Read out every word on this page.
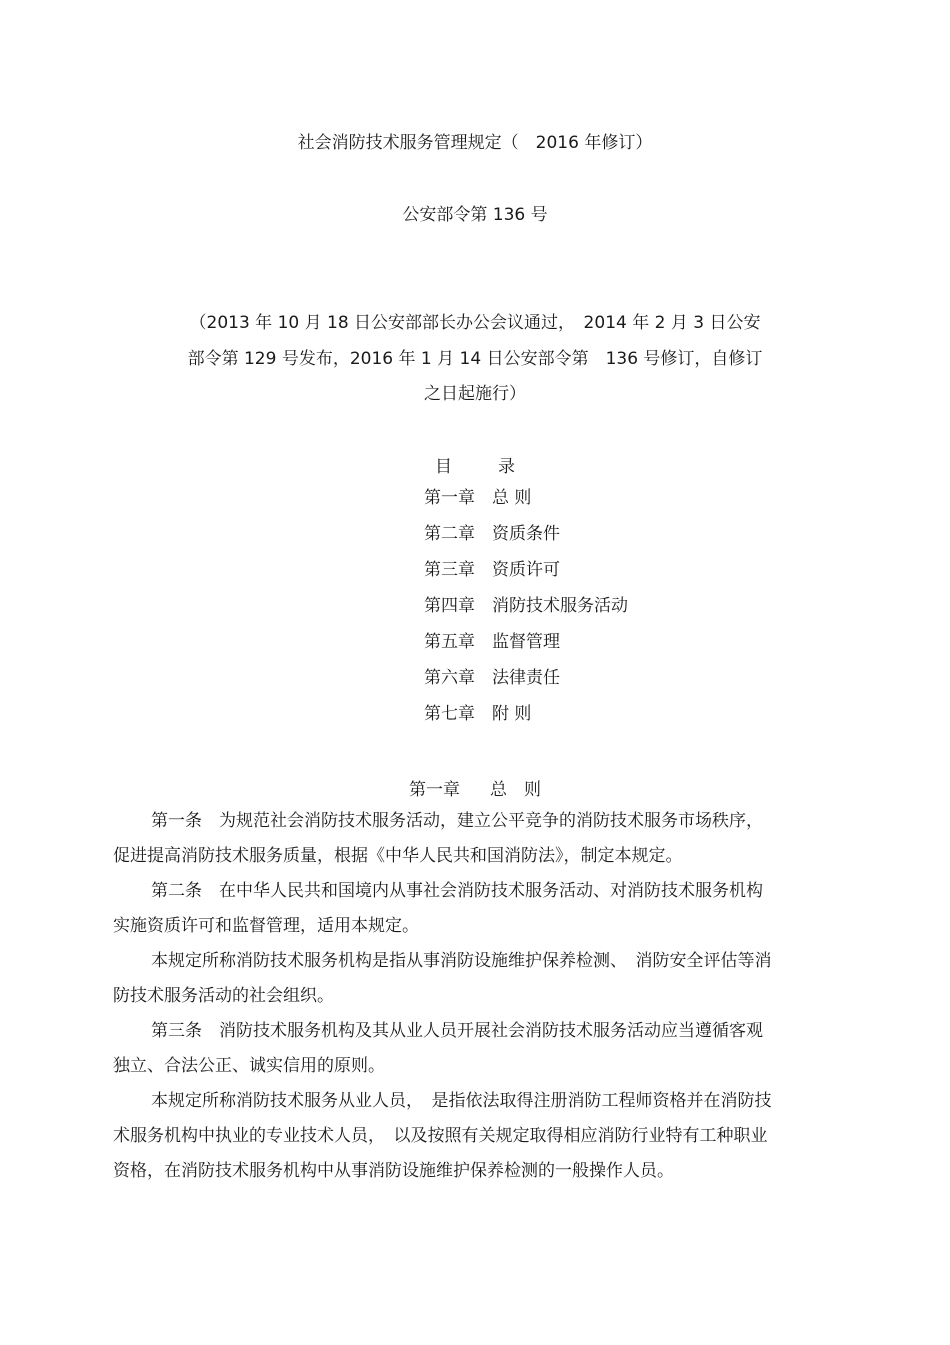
社会消防技术服务管理规定（　2016 年修订）
公安部令第 136 号
（2013 年 10 月 18 日公安部部长办公会议通过，　2014 年 2 月 3 日公安
部令第 129 号发布，2016 年 1 月 14 日公安部令第　136 号修订，自修订
之日起施行）
目	录
第一章 总 则
第二章 资质条件
第三章 资质许可
第四章 消防技术服务活动
第五章 监督管理
第六章 法律责任
第七章 附 则
第一章 总　则
第一条　为规范社会消防技术服务活动，建立公平竞争的消防技术服务市场秩序，
促进提高消防技术服务质量，根据《中华人民共和国消防法》，制定本规定。
第二条　在中华人民共和国境内从事社会消防技术服务活动、对消防技术服务机构
实施资质许可和监督管理，适用本规定。
本规定所称消防技术服务机构是指从事消防设施维护保养检测、　消防安全评估等消
防技术服务活动的社会组织。
第三条　消防技术服务机构及其从业人员开展社会消防技术服务活动应当遵循客观
独立、合法公正、诚实信用的原则。
本规定所称消防技术服务从业人员，　是指依法取得注册消防工程师资格并在消防技
术服务机构中执业的专业技术人员，　以及按照有关规定取得相应消防行业特有工种职业
资格，在消防技术服务机构中从事消防设施维护保养检测的一般操作人员。
